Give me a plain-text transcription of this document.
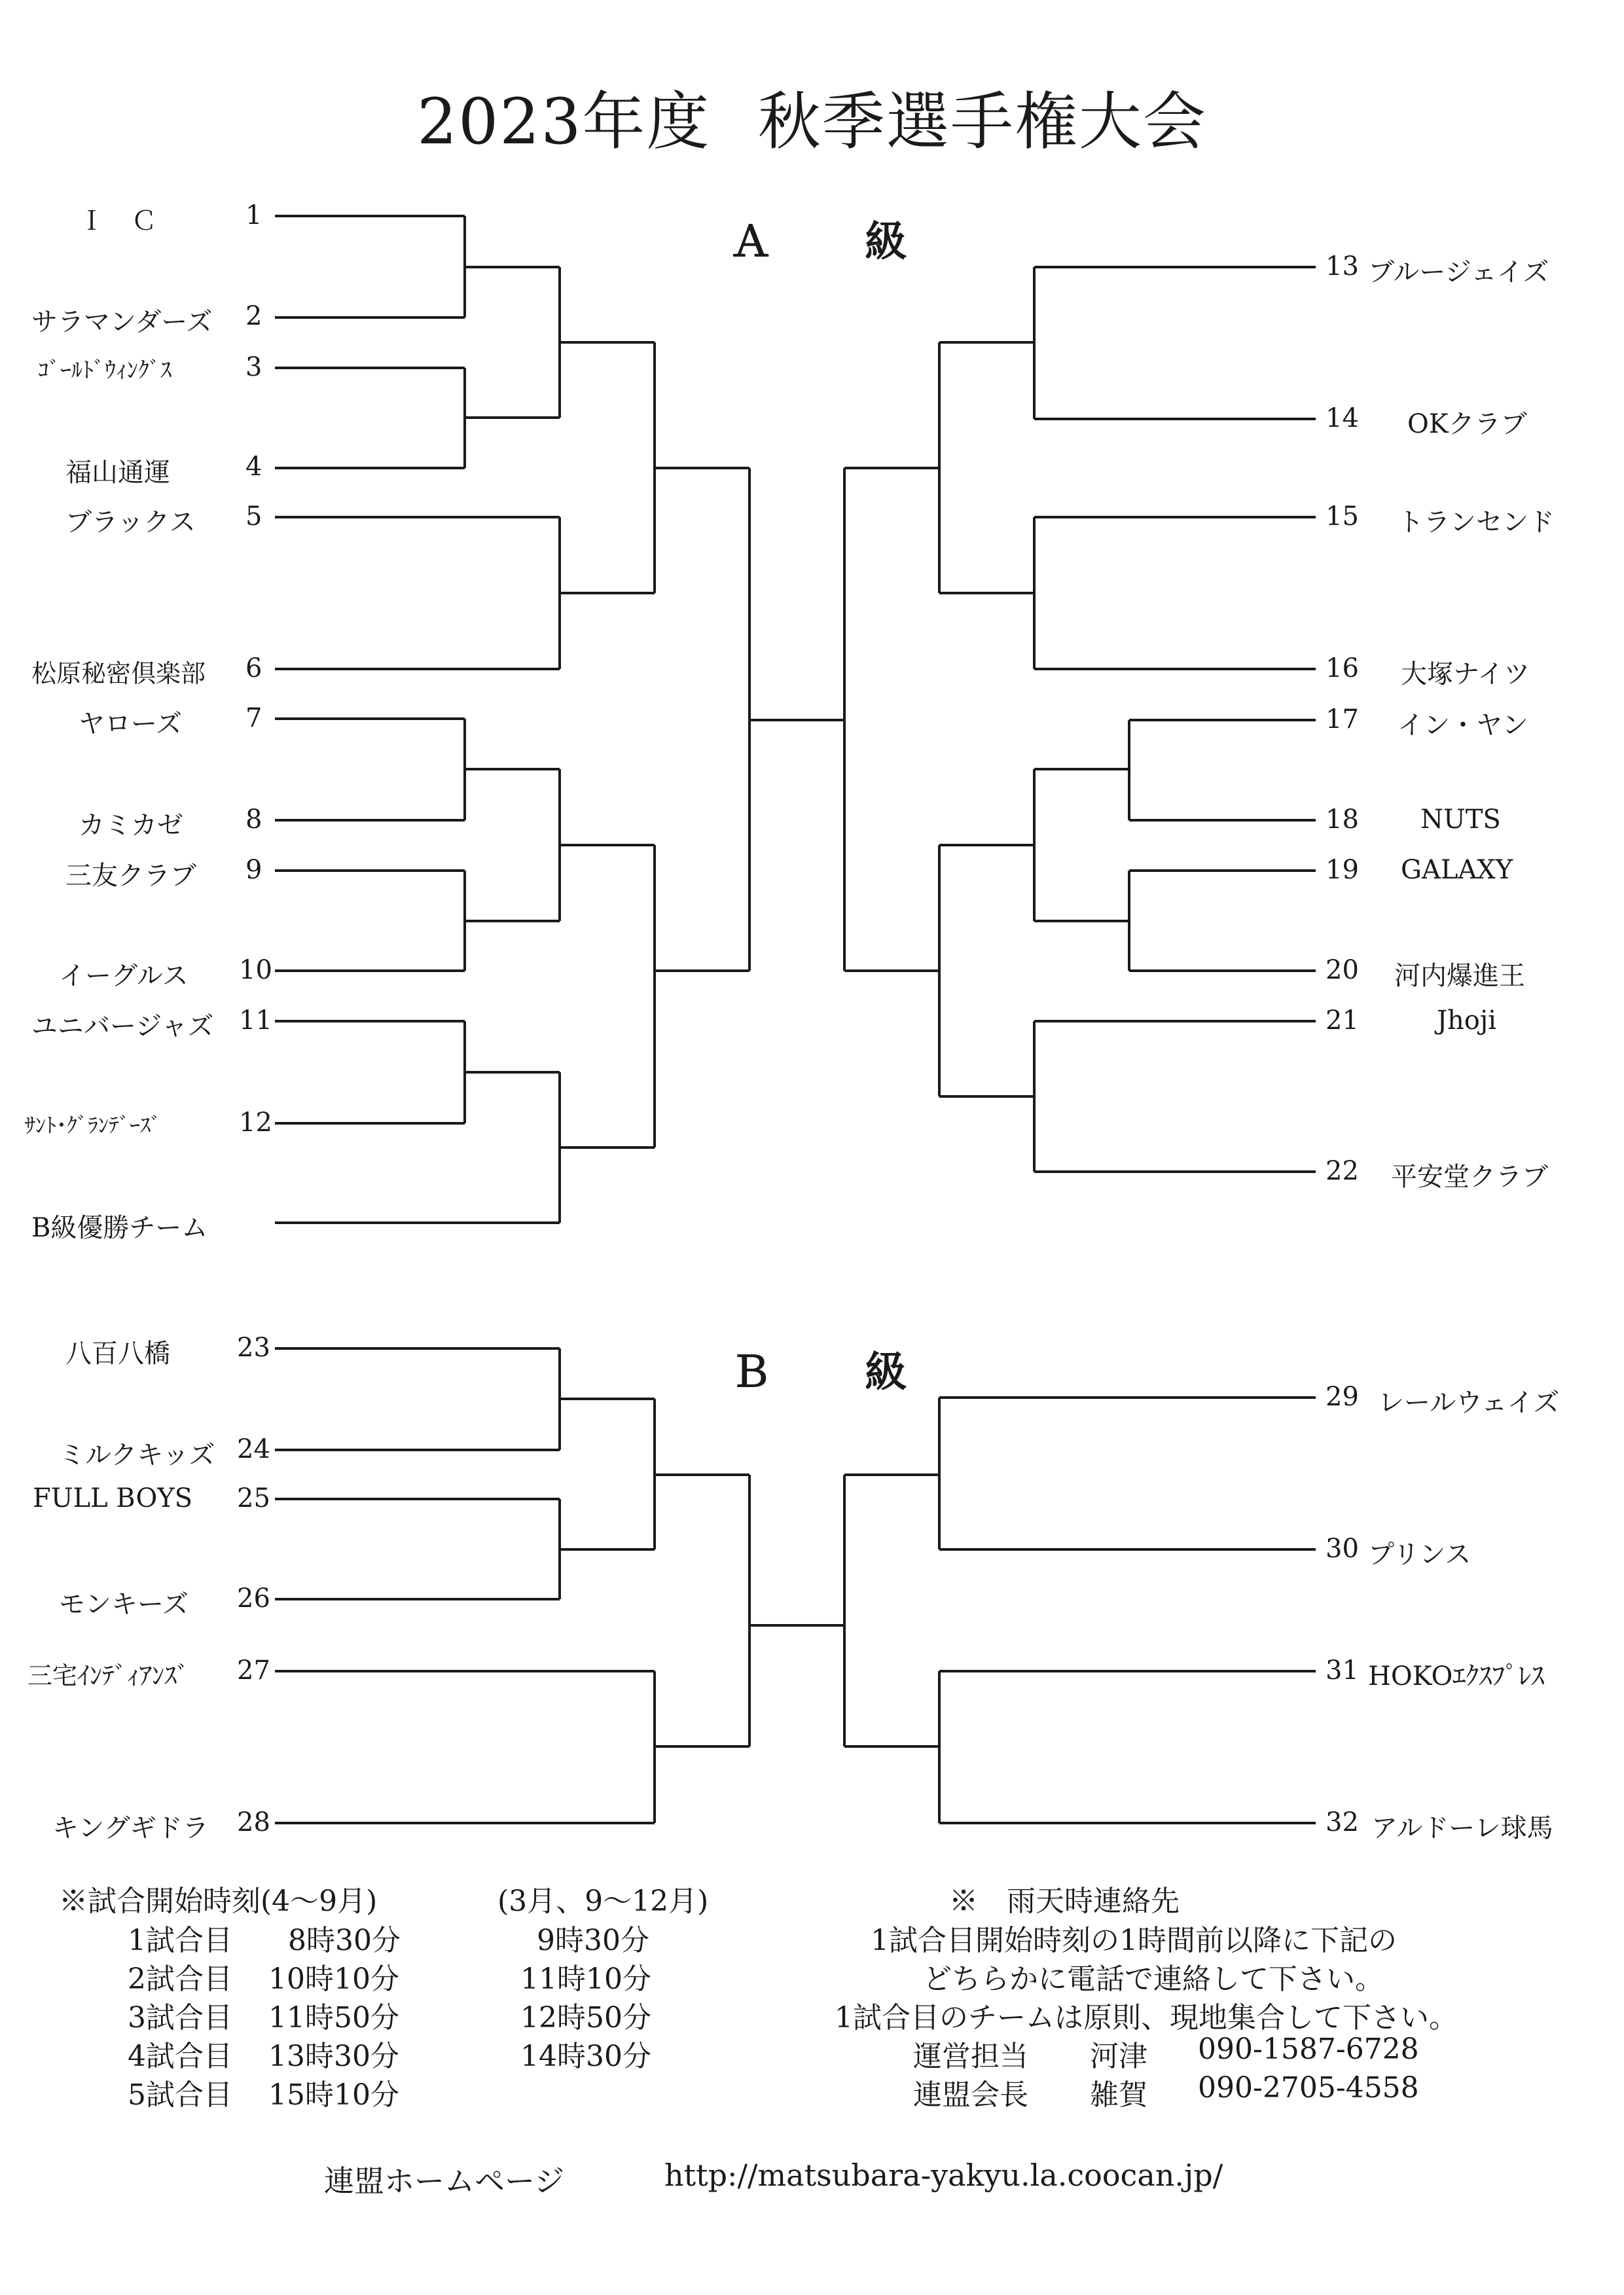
2023年度 秋季選手権大会
Ａ 級
Ｂ 級
Ｉ　Ｃ	1
サラマンダーズ 2
ｺﾞｰﾙﾄﾞｳｨﾝｸﾞｽ	3
福山通運	4
ブラックス 5
松原秘密倶楽部 6
ヤローズ 7
カミカゼ 8
三友クラブ 9
イーグルス 10
ユニバージャズ 11
ｻﾝﾄ･ｸﾞﾗﾝﾃﾞｰｽﾞ	12
B級優勝チーム
13 ブルージェイズ
14 OKクラブ
15 トランセンド
16 大塚ナイツ
17 イン・ヤン
18 NUTS
19 GALAXY
20 河内爆進王
21	Jhoji
22 平安堂クラブ
八百八橋	23
ミルクキッズ 24
FULL BOYS 25
モンキーズ 26
三宅ｲﾝﾃﾞｨｱﾝｽﾞ 27
キングギドラ 28
29 レールウェイズ
30 プリンス
31 HOKOｴｸｽﾌﾟﾚｽ
32 アルドーレ球馬
※試合開始時刻(4～9月)	(3月、9～12月)
1試合目 8時30分	9時30分
2試合目 10時10分	11時10分
3試合目 11時50分	12時50分
4試合目 13時30分	14時30分
5試合目 15時10分
※　雨天時連絡先
1試合目開始時刻の1時間前以降に下記の
どちらかに電話で連絡して下さい。
1試合目のチームは原則、現地集合して下さい。
運営担当 河津 090-1587-6728
連盟会長 雑賀 090-2705-4558
連盟ホームページ	http://matsubara-yakyu.la.coocan.jp/
